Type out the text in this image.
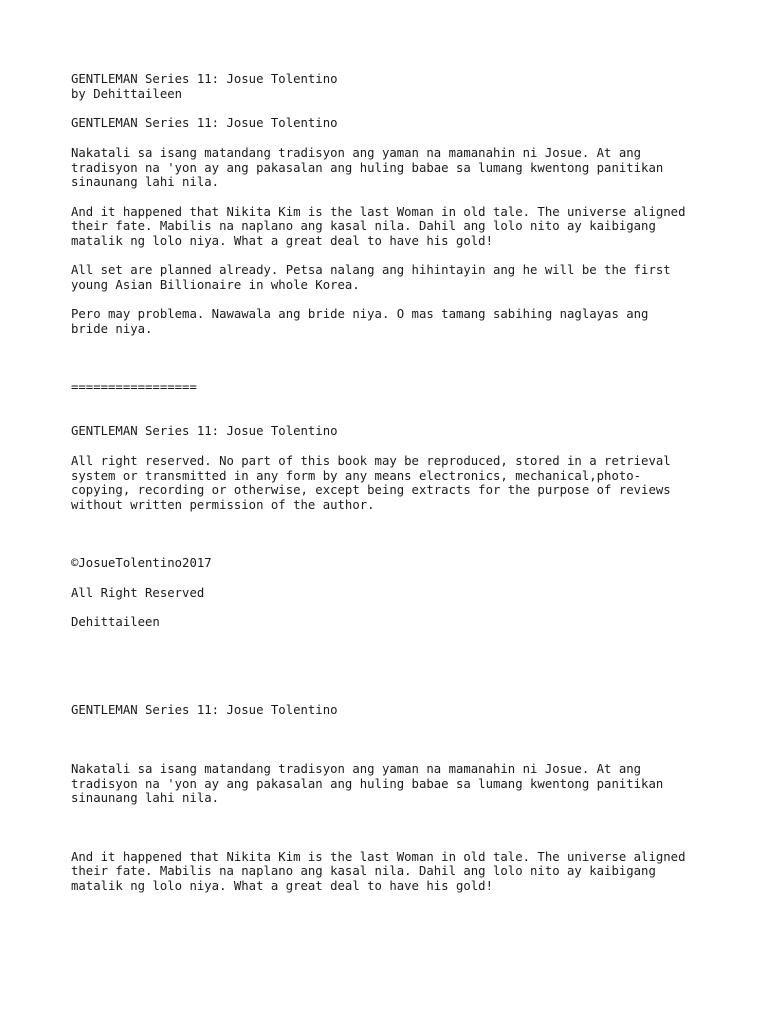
GENTLEMAN Series 11: Josue Tolentino

by Dehittaileen

GENTLEMAN Series 11: Josue Tolentino

Nakatali sa isang matandang tradisyon ang yaman na mamanahin ni Josue. At ang

tradisyon na 'yon ay ang pakasalan ang huling babae sa lumang kwentong panitikan

sinaunang lahi nila.

And it happened that Nikita Kim is the last Woman in old tale. The universe aligned

their fate. Mabilis na naplano ang kasal nila. Dahil ang lolo nito ay kaibigang

matalik ng lolo niya. What a great deal to have his gold!

All set are planned already. Petsa nalang ang hihintayin ang he will be the first

young Asian Billionaire in whole Korea.

Pero may problema. Nawawala ang bride niya. O mas tamang sabihing naglayas ang

bride niya.

=================

GENTLEMAN Series 11: Josue Tolentino

All right reserved. No part of this book may be reproduced, stored in a retrieval

system or transmitted in any form by any means electronics, mechanical,photo-

copying, recording or otherwise, except being extracts for the purpose of reviews

without written permission of the author.

©JosueTolentino2017

All Right Reserved

Dehittaileen

GENTLEMAN Series 11: Josue Tolentino

Nakatali sa isang matandang tradisyon ang yaman na mamanahin ni Josue. At ang

tradisyon na 'yon ay ang pakasalan ang huling babae sa lumang kwentong panitikan

sinaunang lahi nila.

And it happened that Nikita Kim is the last Woman in old tale. The universe aligned

their fate. Mabilis na naplano ang kasal nila. Dahil ang lolo nito ay kaibigang

matalik ng lolo niya. What a great deal to have his gold!
